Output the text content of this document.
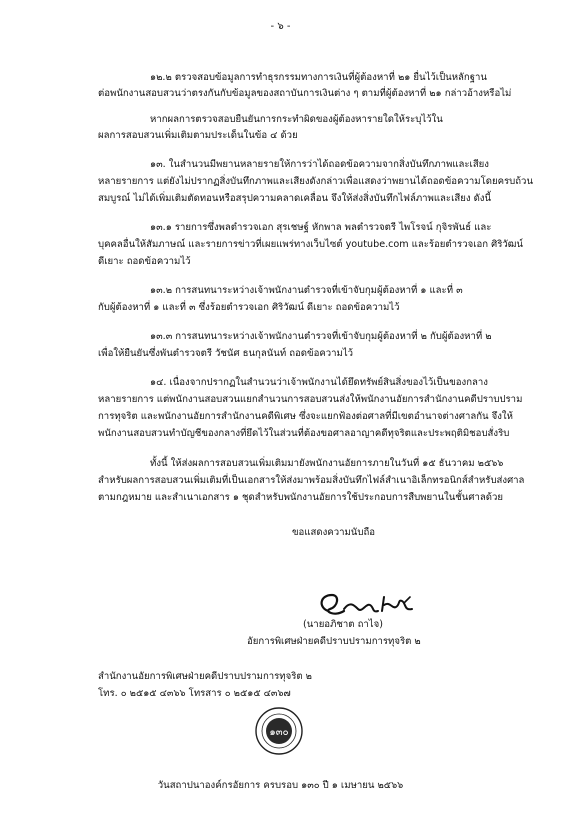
- ๖ -
๑๒.๒ ตรวจสอบข้อมูลการทำธุรกรรมทางการเงินที่ผู้ต้องหาที่ ๒๑ ยื่นไว้เป็นหลักฐาน
ต่อพนักงานสอบสวนว่าตรงกันกับข้อมูลของสถาบันการเงินต่าง ๆ ตามที่ผู้ต้องหาที่ ๒๑ กล่าวอ้างหรือไม่
หากผลการตรวจสอบยืนยันการกระทำผิดของผู้ต้องหารายใดให้ระบุไว้ใน
ผลการสอบสวนเพิ่มเติมตามประเด็นในข้อ ๔ ด้วย
๑๓. ในสำนวนมีพยานหลายรายให้การว่าได้ถอดข้อความจากสิ่งบันทึกภาพและเสียง
หลายรายการ แต่ยังไม่ปรากฏสิ่งบันทึกภาพและเสียงดังกล่าวเพื่อแสดงว่าพยานได้ถอดข้อความโดยครบถ้วน
สมบูรณ์ ไม่ได้เพิ่มเติมตัดทอนหรือสรุปความคลาดเคลื่อน จึงให้ส่งสิ่งบันทึกไฟล์ภาพและเสียง ดังนี้
๑๓.๑ รายการซึ่งพลตำรวจเอก สุรเชษฐ์ หักพาล พลตำรวจตรี ไพโรจน์ กุจิรพันธ์ และ
บุคคลอื่นให้สัมภาษณ์ และรายการข่าวที่เผยแพร่ทางเว็บไซต์ youtube.com และร้อยตำรวจเอก ศิริวัฒน์
ดีเยาะ ถอดข้อความไว้
๑๓.๒ การสนทนาระหว่างเจ้าพนักงานตำรวจที่เข้าจับกุมผู้ต้องหาที่ ๑ และที่ ๓
กับผู้ต้องหาที่ ๑ และที่ ๓ ซึ่งร้อยตำรวจเอก ศิริวัฒน์ ดีเยาะ ถอดข้อความไว้
๑๓.๓ การสนทนาระหว่างเจ้าพนักงานตำรวจที่เข้าจับกุมผู้ต้องหาที่ ๒ กับผู้ต้องหาที่ ๒
เพื่อให้ยืนยันซึ่งพันตำรวจตรี วัชนัศ ธนกุลนันท์ ถอดข้อความไว้
๑๔. เนื่องจากปรากฏในสำนวนว่าเจ้าพนักงานได้ยึดทรัพย์สินสิ่งของไว้เป็นของกลาง
หลายรายการ แต่พนักงานสอบสวนแยกสำนวนการสอบสวนส่งให้พนักงานอัยการสำนักงานคดีปราบปราม
การทุจริต และพนักงานอัยการสำนักงานคดีพิเศษ ซึ่งจะแยกฟ้องต่อศาลที่มีเขตอำนาจต่างศาลกัน จึงให้
พนักงานสอบสวนทำบัญชีของกลางที่ยึดไว้ในส่วนที่ต้องขอศาลอาญาคดีทุจริตและประพฤติมิชอบสั่งริบ
ทั้งนี้ ให้ส่งผลการสอบสวนเพิ่มเติมมายังพนักงานอัยการภายในวันที่ ๑๕ ธันวาคม ๒๕๖๖
สำหรับผลการสอบสวนเพิ่มเติมที่เป็นเอกสารให้ส่งมาพร้อมสิ่งบันทึกไฟล์สำเนาอิเล็กทรอนิกส์สำหรับส่งศาล
ตามกฎหมาย และสำเนาเอกสาร ๑ ชุดสำหรับพนักงานอัยการใช้ประกอบการสืบพยานในชั้นศาลด้วย
ขอแสดงความนับถือ
(นายอภิชาต ถาไจ)
อัยการพิเศษฝ่ายคดีปราบปรามการทุจริต ๒
สำนักงานอัยการพิเศษฝ่ายคดีปราบปรามการทุจริต ๒
โทร. ๐ ๒๕๑๕ ๔๓๖๖ โทรสาร ๐ ๒๕๑๕ ๔๓๖๗
๑๓๐
วันสถาปนาองค์กรอัยการ ครบรอบ ๑๓๐ ปี ๑ เมษายน ๒๕๖๖
